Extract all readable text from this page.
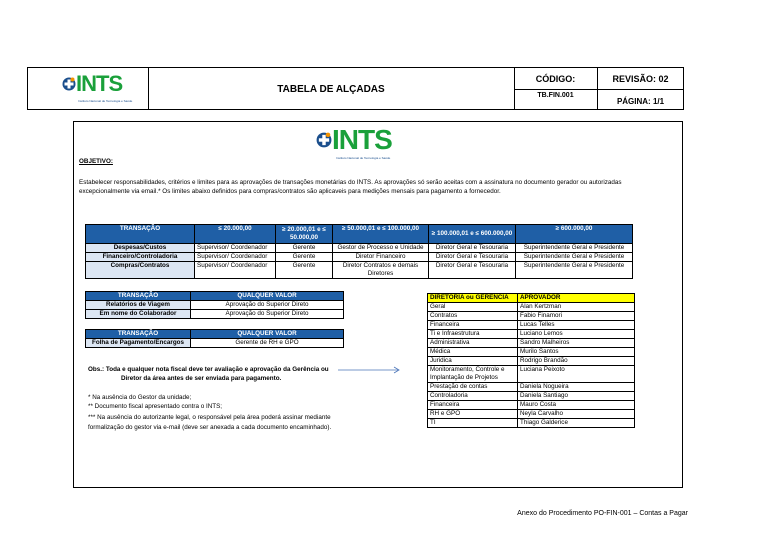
INTS
Instituto Nacional de Tecnologia e Saúde
TABELA DE ALÇADAS
CÓDIGO:
TB.FIN.001
REVISÃO: 02
PÁGINA: 1/1
INTS
Instituto Nacional de Tecnologia e Saúde
OBJETIVO:
Estabelecer responsabilidades, critérios e limites para as aprovações de transações monetárias do INTS. As aprovações só serão aceitas com a assinatura no documento gerador ou autorizadas
excepcionalmente via email.* Os limites abaixo definidos para compras/contratos são aplicaveis para medições mensais para pagamento a fornecedor.
TRANSAÇÃO	≤ 20.000,00	≥ 20.000,01 e ≤ 50.000,00	≥ 50.000,01 e ≤ 100.000,00	≥ 100.000,01 e ≤ 600.000,00	≥ 600.000,00
Despesas/Custos	Supervisor/ Coordenador	Gerente	Gestor de Processo e Unidade	Diretor Geral e Tesouraria	Superintendente Geral e Presidente
Financeiro/Controladoria	Supervisor/ Coordenador	Gerente	Diretor Financeiro	Diretor Geral e Tesouraria	Superintendente Geral e Presidente
Compras/Contratos	Supervisor/ Coordenador	Gerente	Diretor Contratos e demais Diretores	Diretor Geral e Tesouraria	Superintendente Geral e Presidente
TRANSAÇÃO	QUALQUER VALOR
Relatórios de Viagem	Aprovação do Superior Direto
Em nome do Colaborador	Aprovação do Superior Direto
TRANSAÇÃO	QUALQUER VALOR
Folha de Pagamento/Encargos	Gerente de RH e GPO
Obs.: Toda e qualquer nota fiscal deve ter avaliação e aprovação da Gerência ou
Diretor da área antes de ser enviada para pagamento.
* Na ausência do Gestor da unidade;
** Documento fiscal apresentado contra o INTS;
*** Na ausência do autorizante legal, o responsável pela área poderá assinar mediante
formalização do gestor via e-mail (deve ser anexada a cada documento encaminhado).
DIRETORIA ou GERENCIA	APROVADOR
Geral	Alan Kertzman
Contratos	Fabio Finamori
Financeira	Lucas Telles
Ti e Infraestrutura	Luciano Lemos
Administrativa	Sandro Malheiros
Médica	Murilo Santos
Juridica	Rodrigo Brandão
Monitoramento, Controle e Implantação de Projetos	Luciana Peixoto
Prestação de contas	Daniela Nogueira
Controladoria	Daniela Santiago
Financeira	Mauro Costa
RH e GPO	Neyla Carvalho
TI	Thiago Galderice
Anexo do Procedimento PO-FIN-001 – Contas a Pagar
